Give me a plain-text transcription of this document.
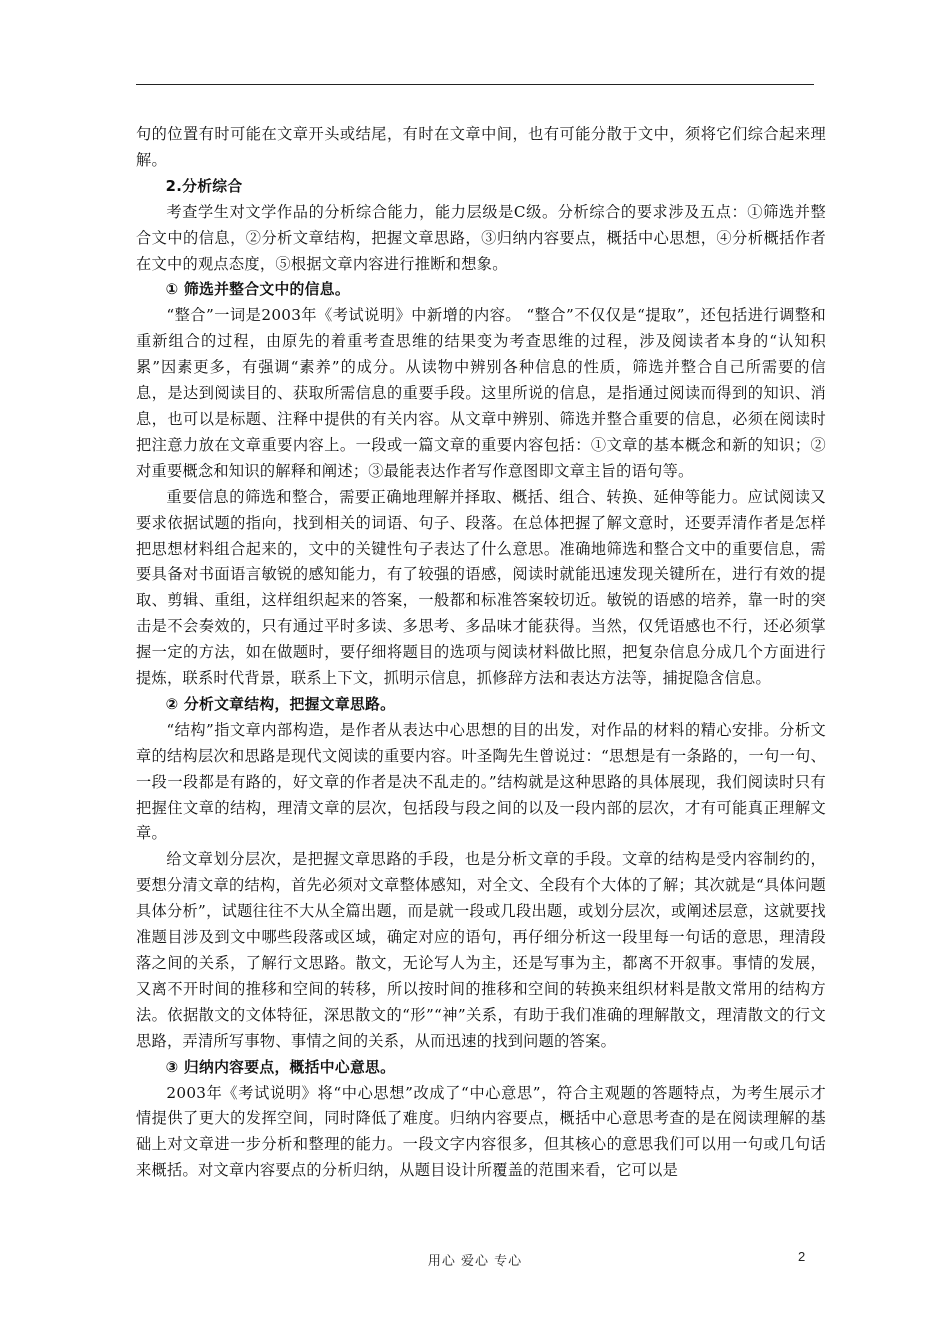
句的位置有时可能在文章开头或结尾，有时在文章中间，也有可能分散于文中，须将它们综合起来理解。

2.分析综合

考查学生对文学作品的分析综合能力，能力层级是C级。分析综合的要求涉及五点：①筛选并整合文中的信息，②分析文章结构，把握文章思路，③归纳内容要点，概括中心思想，④分析概括作者在文中的观点态度，⑤根据文章内容进行推断和想象。

① 筛选并整合文中的信息。

“整合”一词是2003年《考试说明》中新增的内容。 “整合”不仅仅是“提取”，还包括进行调整和重新组合的过程，由原先的着重考查思维的结果变为考查思维的过程，涉及阅读者本身的“认知积累”因素更多，有强调“素养”的成分。从读物中辨别各种信息的性质，筛选并整合自己所需要的信息，是达到阅读目的、获取所需信息的重要手段。这里所说的信息，是指通过阅读而得到的知识、消息，也可以是标题、注释中提供的有关内容。从文章中辨别、筛选并整合重要的信息，必须在阅读时把注意力放在文章重要内容上。一段或一篇文章的重要内容包括：①文章的基本概念和新的知识；②对重要概念和知识的解释和阐述；③最能表达作者写作意图即文章主旨的语句等。

重要信息的筛选和整合，需要正确地理解并择取、概括、组合、转换、延伸等能力。应试阅读又要求依据试题的指向，找到相关的词语、句子、段落。在总体把握了解文意时，还要弄清作者是怎样把思想材料组合起来的，文中的关键性句子表达了什么意思。准确地筛选和整合文中的重要信息，需要具备对书面语言敏锐的感知能力，有了较强的语感，阅读时就能迅速发现关键所在，进行有效的提取、剪辑、重组，这样组织起来的答案，一般都和标准答案较切近。敏锐的语感的培养，靠一时的突击是不会奏效的，只有通过平时多读、多思考、多品味才能获得。当然，仅凭语感也不行，还必须掌握一定的方法，如在做题时，要仔细将题目的选项与阅读材料做比照，把复杂信息分成几个方面进行提炼，联系时代背景，联系上下文，抓明示信息，抓修辞方法和表达方法等，捕捉隐含信息。

② 分析文章结构，把握文章思路。

“结构”指文章内部构造，是作者从表达中心思想的目的出发，对作品的材料的精心安排。分析文章的结构层次和思路是现代文阅读的重要内容。叶圣陶先生曾说过：“思想是有一条路的，一句一句、一段一段都是有路的，好文章的作者是决不乱走的。”结构就是这种思路的具体展现，我们阅读时只有把握住文章的结构，理清文章的层次，包括段与段之间的以及一段内部的层次，才有可能真正理解文章。

给文章划分层次，是把握文章思路的手段，也是分析文章的手段。文章的结构是受内容制约的，要想分清文章的结构，首先必须对文章整体感知，对全文、全段有个大体的了解；其次就是“具体问题具体分析”，试题往往不大从全篇出题，而是就一段或几段出题，或划分层次，或阐述层意，这就要找准题目涉及到文中哪些段落或区域，确定对应的语句，再仔细分析这一段里每一句话的意思，理清段落之间的关系，了解行文思路。散文，无论写人为主，还是写事为主，都离不开叙事。事情的发展，又离不开时间的推移和空间的转移，所以按时间的推移和空间的转换来组织材料是散文常用的结构方法。依据散文的文体特征，深思散文的“形”“神”关系，有助于我们准确的理解散文，理清散文的行文思路，弄清所写事物、事情之间的关系，从而迅速的找到问题的答案。

③ 归纳内容要点，概括中心意思。

2003年《考试说明》将“中心思想”改成了“中心意思”，符合主观题的答题特点，为考生展示才情提供了更大的发挥空间，同时降低了难度。归纳内容要点，概括中心意思考查的是在阅读理解的基础上对文章进一步分析和整理的能力。一段文字内容很多，但其核心的意思我们可以用一句或几句话来概括。对文章内容要点的分析归纳，从题目设计所覆盖的范围来看，它可以是

用心 爱心 专心	2
